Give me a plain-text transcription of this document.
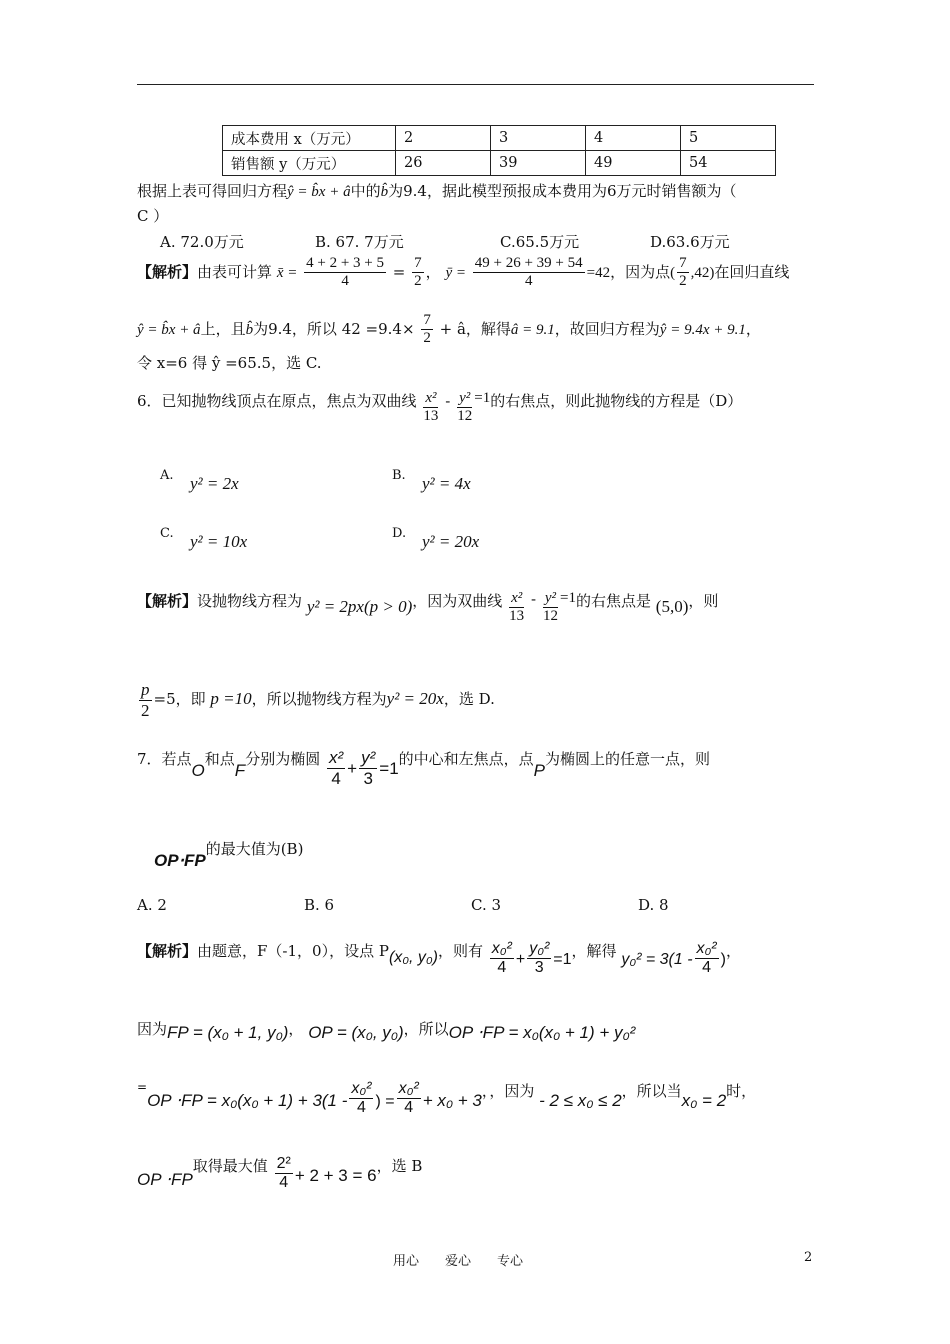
成本费用 x（万元）	2	3	4	5
销售额 y（万元）	26	39	49	54
根据上表可得回归方程ŷ = b̂x + â中的b̂为9.4，据此模型预报成本费用为6万元时销售额为（
C ）
A. 72.0万元	B. 67. 7万元	C.65.5万元	D.63.6万元
【解析】由表可计算 x̄ = $\frac{4 + 2 + 3 + 5}{4} = \frac{7}{2}$ ， ȳ = $\frac{49 + 26 + 39 + 54}{4} =42$，因为点( $\frac{7}{2} ,42$)在回归直线
ŷ = b̂x + â上，且b̂为9.4，所以 $42 =9.4\times \frac{7}{2}$ + â，解得â = 9.1，故回归方程为ŷ = 9.4x + 9.1，
令 x=6 得 ŷ =65.5，选 C.
6．已知抛物线顶点在原点，焦点为双曲线 $\frac{\text{x²}}{13} - \frac{\text{y²}}{12} =1$的右焦点，则此抛物线的方程是（D）
A. y² = 2x	B. y² = 4x
C. y² = 10x	D. y² = 20x
【解析】设抛物线方程为 y² = 2px(p > 0)，因为双曲线 $\frac{\text{x²}}{13} - \frac{\text{y²}}{12} =1$的右焦点是 (5,0)，则
$\frac{p}{2} =5$，即 p =10，所以抛物线方程为y² = 20x，选 D.
7．若点O和点F分别为椭圆 $\frac{\text{x²}}{4} + \frac{\text{y²}}{3} =1$的中心和左焦点，点P为椭圆上的任意一点，则
OP⋅FP的最大值为(B)
A. 2	B. 6	C. 3	D. 8
【解析】由题意，F（-1，0），设点 P(x₀, y₀)，则有 $\frac{\text{x₀²}}{4} + \frac{\text{y₀²}}{3} =1$，解得 $y_0^2 = 3(1 - \frac{\text{x₀²}}{4}$ )，
因为FP = (x₀ + 1, y₀)， OP = (x₀, y₀)，所以OP ⋅FP = x₀(x₀ + 1) + y₀²
$^=OP \cdot FP = x_0(x_0 + 1) + 3(1 - \frac{\text{x₀²}}{4}$ ) = $\frac{\text{x₀²}}{4} + x_0 + 3$，，因为 - 2 ≤ x₀ ≤ 2，所以当x₀ = 2时，
OP ⋅FP取得最大值 $\frac{\text{2²}}{4} + 2 + 3 = 6$，选 B
用心　　爱心　　专心	2
